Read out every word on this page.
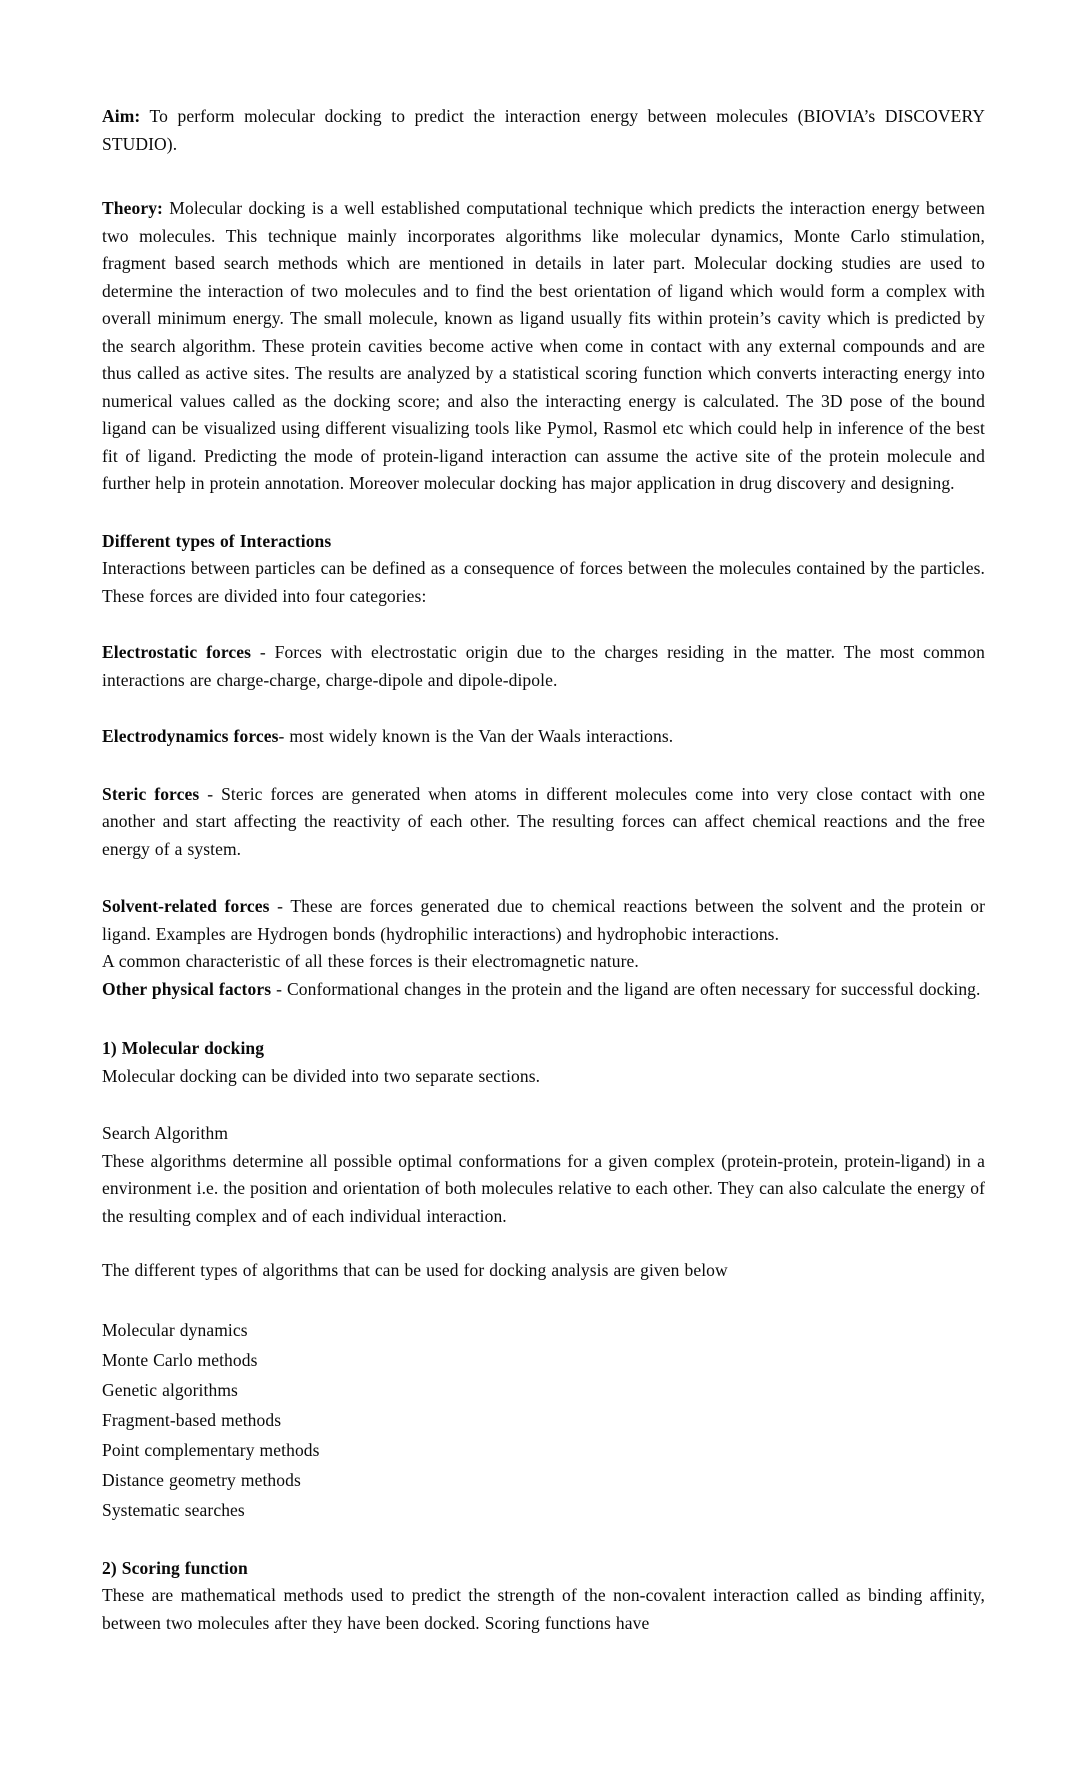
Aim: To perform molecular docking to predict the interaction energy between molecules (BIOVIA’s DISCOVERY STUDIO).

Theory: Molecular docking is a well established computational technique which predicts the interaction energy between two molecules. This technique mainly incorporates algorithms like molecular dynamics, Monte Carlo stimulation, fragment based search methods which are mentioned in details in later part. Molecular docking studies are used to determine the interaction of two molecules and to find the best orientation of ligand which would form a complex with overall minimum energy. The small molecule, known as ligand usually fits within protein’s cavity which is predicted by the search algorithm. These protein cavities become active when come in contact with any external compounds and are thus called as active sites. The results are analyzed by a statistical scoring function which converts interacting energy into numerical values called as the docking score; and also the interacting energy is calculated. The 3D pose of the bound ligand can be visualized using different visualizing tools like Pymol, Rasmol etc which could help in inference of the best fit of ligand. Predicting the mode of protein-ligand interaction can assume the active site of the protein molecule and further help in protein annotation. Moreover molecular docking has major application in drug discovery and designing.

Different types of Interactions

Interactions between particles can be defined as a consequence of forces between the molecules contained by the particles. These forces are divided into four categories:

Electrostatic forces - Forces with electrostatic origin due to the charges residing in the matter. The most common interactions are charge-charge, charge-dipole and dipole-dipole.

Electrodynamics forces- most widely known is the Van der Waals interactions.

Steric forces - Steric forces are generated when atoms in different molecules come into very close contact with one another and start affecting the reactivity of each other. The resulting forces can affect chemical reactions and the free energy of a system.

Solvent-related forces - These are forces generated due to chemical reactions between the solvent and the protein or ligand. Examples are Hydrogen bonds (hydrophilic interactions) and hydrophobic interactions.

A common characteristic of all these forces is their electromagnetic nature.

Other physical factors - Conformational changes in the protein and the ligand are often necessary for successful docking.

1) Molecular docking

Molecular docking can be divided into two separate sections.

Search Algorithm

These algorithms determine all possible optimal conformations for a given complex (protein-protein, protein-ligand) in a environment i.e. the position and orientation of both molecules relative to each other. They can also calculate the energy of the resulting complex and of each individual interaction.

The different types of algorithms that can be used for docking analysis are given below

Molecular dynamics

Monte Carlo methods

Genetic algorithms

Fragment-based methods

Point complementary methods

Distance geometry methods

Systematic searches

2) Scoring function

These are mathematical methods used to predict the strength of the non-covalent interaction called as binding affinity, between two molecules after they have been docked. Scoring functions have
